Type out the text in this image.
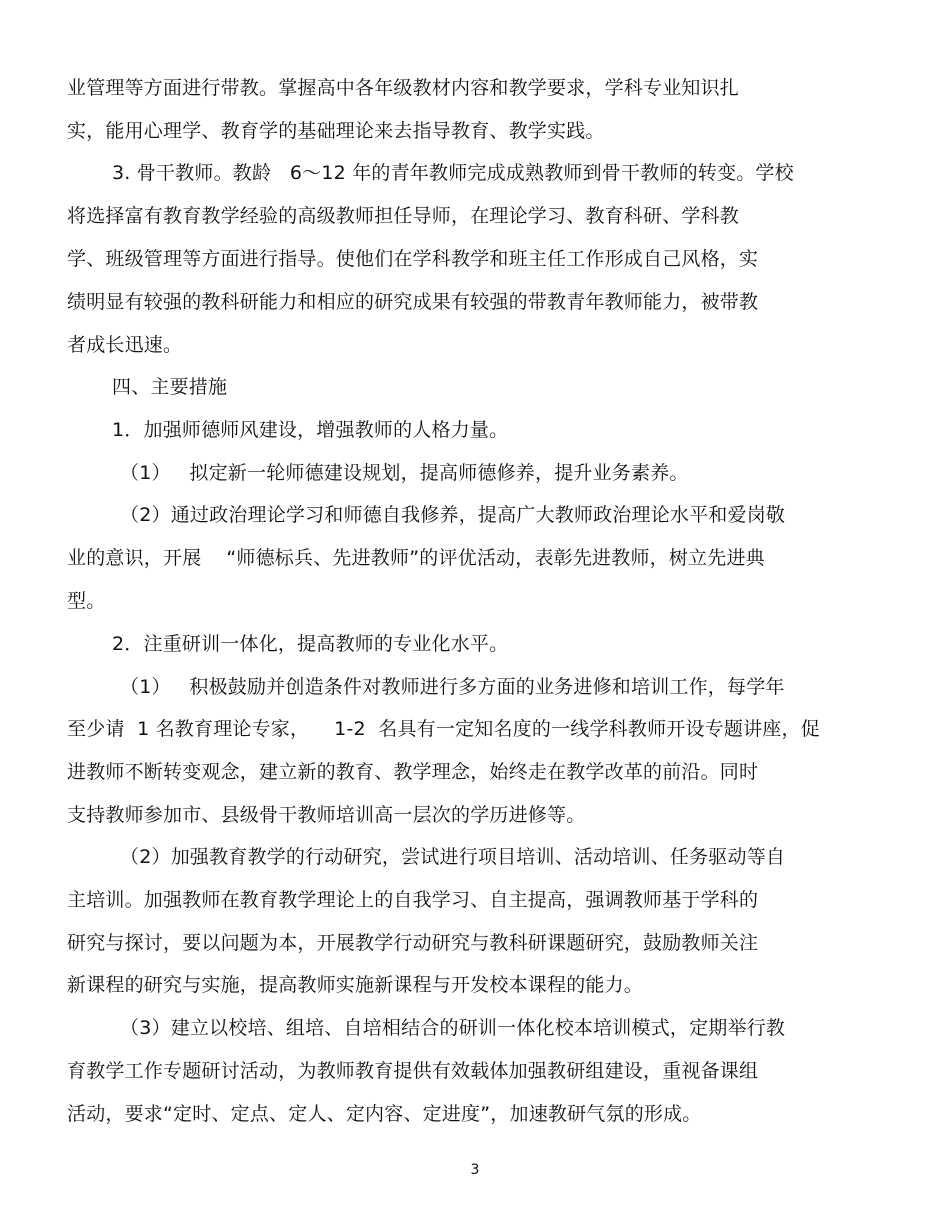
业管理等方面进行带教。掌握高中各年级教材内容和教学要求，学科专业知识扎
实，能用心理学、教育学的基础理论来去指导教育、教学实践。
3. 骨干教师。教龄   6～12 年的青年教师完成成熟教师到骨干教师的转变。学校
将选择富有教育教学经验的高级教师担任导师，在理论学习、教育科研、学科教
学、班级管理等方面进行指导。使他们在学科教学和班主任工作形成自己风格，实
绩明显有较强的教科研能力和相应的研究成果有较强的带教青年教师能力，被带教
者成长迅速。
四、主要措施
1．加强师德师风建设，增强教师的人格力量。
（1）   拟定新一轮师德建设规划，提高师德修养，提升业务素养。
（2）通过政治理论学习和师德自我修养，提高广大教师政治理论水平和爱岗敬
业的意识，开展    “师德标兵、先进教师”的评优活动，表彰先进教师，树立先进典
型。
2．注重研训一体化，提高教师的专业化水平。
（1）   积极鼓励并创造条件对教师进行多方面的业务进修和培训工作，每学年
至少请  1 名教育理论专家，    1-2  名具有一定知名度的一线学科教师开设专题讲座，促
进教师不断转变观念，建立新的教育、教学理念，始终走在教学改革的前沿。同时
支持教师参加市、县级骨干教师培训高一层次的学历进修等。
（2）加强教育教学的行动研究，尝试进行项目培训、活动培训、任务驱动等自
主培训。加强教师在教育教学理论上的自我学习、自主提高，强调教师基于学科的
研究与探讨，要以问题为本，开展教学行动研究与教科研课题研究，鼓励教师关注
新课程的研究与实施，提高教师实施新课程与开发校本课程的能力。
（3）建立以校培、组培、自培相结合的研训一体化校本培训模式，定期举行教
育教学工作专题研讨活动，为教师教育提供有效载体加强教研组建设，重视备课组
活动，要求“定时、定点、定人、定内容、定进度”，加速教研气氛的形成。
3
